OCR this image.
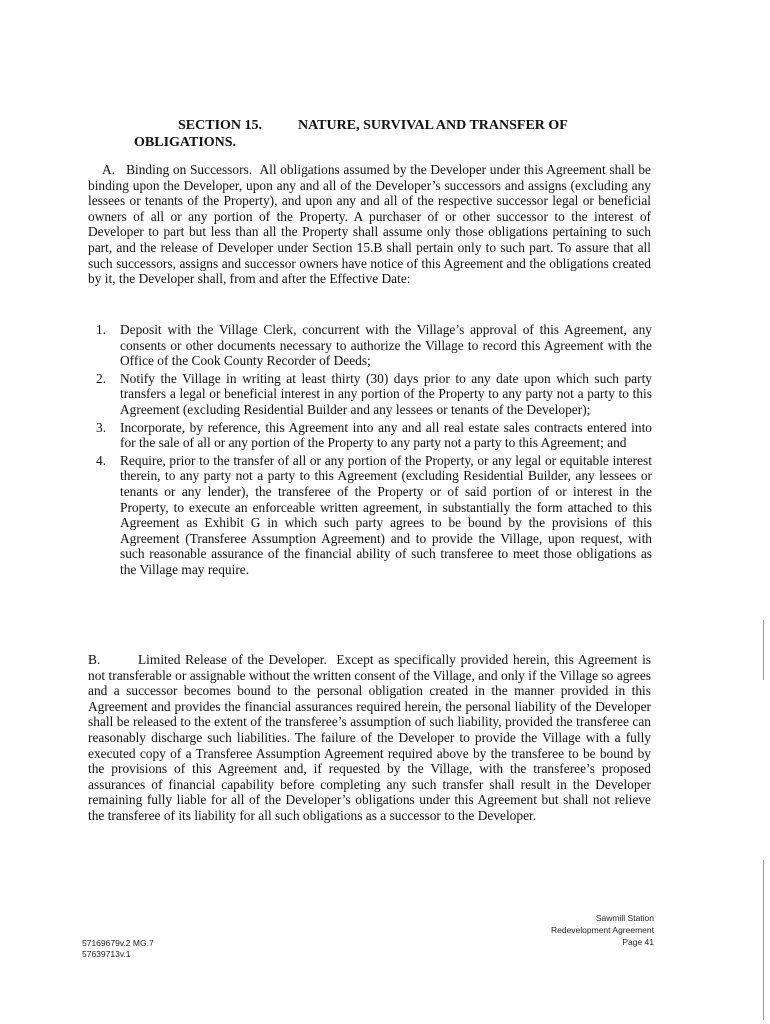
SECTION 15.	NATURE, SURVIVAL AND TRANSFER OF
OBLIGATIONS.
A. Binding on Successors. All obligations assumed by the Developer under this Agreement shall be binding upon the Developer, upon any and all of the Developer’s successors and assigns (excluding any lessees or tenants of the Property), and upon any and all of the respective successor legal or beneficial owners of all or any portion of the Property. A purchaser of or other successor to the interest of Developer to part but less than all the Property shall assume only those obligations pertaining to such part, and the release of Developer under Section 15.B shall pertain only to such part. To assure that all such successors, assigns and successor owners have notice of this Agreement and the obligations created by it, the Developer shall, from and after the Effective Date:
1.	Deposit with the Village Clerk, concurrent with the Village’s approval of this Agreement, any consents or other documents necessary to authorize the Village to record this Agreement with the Office of the Cook County Recorder of Deeds;
2.	Notify the Village in writing at least thirty (30) days prior to any date upon which such party transfers a legal or beneficial interest in any portion of the Property to any party not a party to this Agreement (excluding Residential Builder and any lessees or tenants of the Developer);
3.	Incorporate, by reference, this Agreement into any and all real estate sales contracts entered into for the sale of all or any portion of the Property to any party not a party to this Agreement; and
4.	Require, prior to the transfer of all or any portion of the Property, or any legal or equitable interest therein, to any party not a party to this Agreement (excluding Residential Builder, any lessees or tenants or any lender), the transferee of the Property or of said portion of or interest in the Property, to execute an enforceable written agreement, in substantially the form attached to this Agreement as Exhibit G in which such party agrees to be bound by the provisions of this Agreement (Transferee Assumption Agreement) and to provide the Village, upon request, with such reasonable assurance of the financial ability of such transferee to meet those obligations as the Village may require.
B.	Limited Release of the Developer. Except as specifically provided herein, this Agreement is not transferable or assignable without the written consent of the Village, and only if the Village so agrees and a successor becomes bound to the personal obligation created in the manner provided in this Agreement and provides the financial assurances required herein, the personal liability of the Developer shall be released to the extent of the transferee’s assumption of such liability, provided the transferee can reasonably discharge such liabilities. The failure of the Developer to provide the Village with a fully executed copy of a Transferee Assumption Agreement required above by the transferee to be bound by the provisions of this Agreement and, if requested by the Village, with the transferee’s proposed assurances of financial capability before completing any such transfer shall result in the Developer remaining fully liable for all of the Developer’s obligations under this Agreement but shall not relieve the transferee of its liability for all such obligations as a successor to the Developer.
Sawmill Station
Redevelopment Agreement
Page 41
57169679v.2 MG.7
57639713v.1
